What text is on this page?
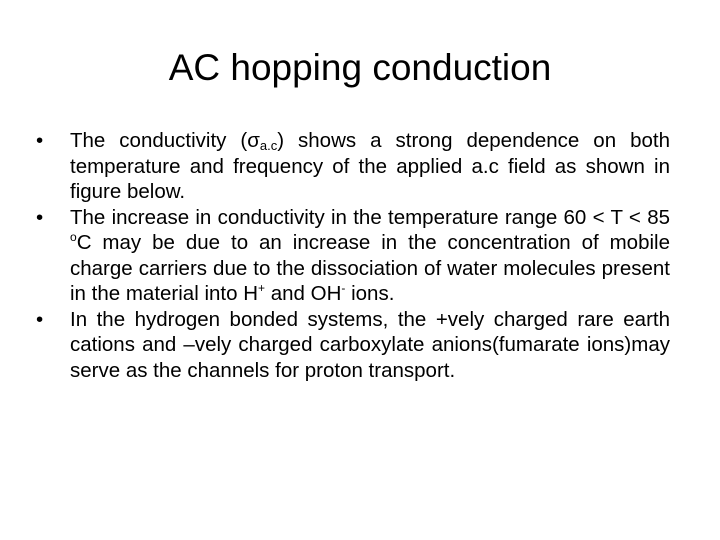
AC hopping conduction
•	The conductivity $(\sigma_{a.c})$ shows a strong dependence on both temperature and frequency of the applied a.c field as shown in figure below.
•	The increase in conductivity in the temperature range 60 < T < 85 $^o$C may be due to an increase in the concentration of mobile charge carriers due to the dissociation of water molecules present in the material into H+ and OH- ions.
•	In the hydrogen bonded systems, the +vely charged rare earth cations and –vely charged carboxylate anions(fumarate ions)may serve as the channels for proton transport.
